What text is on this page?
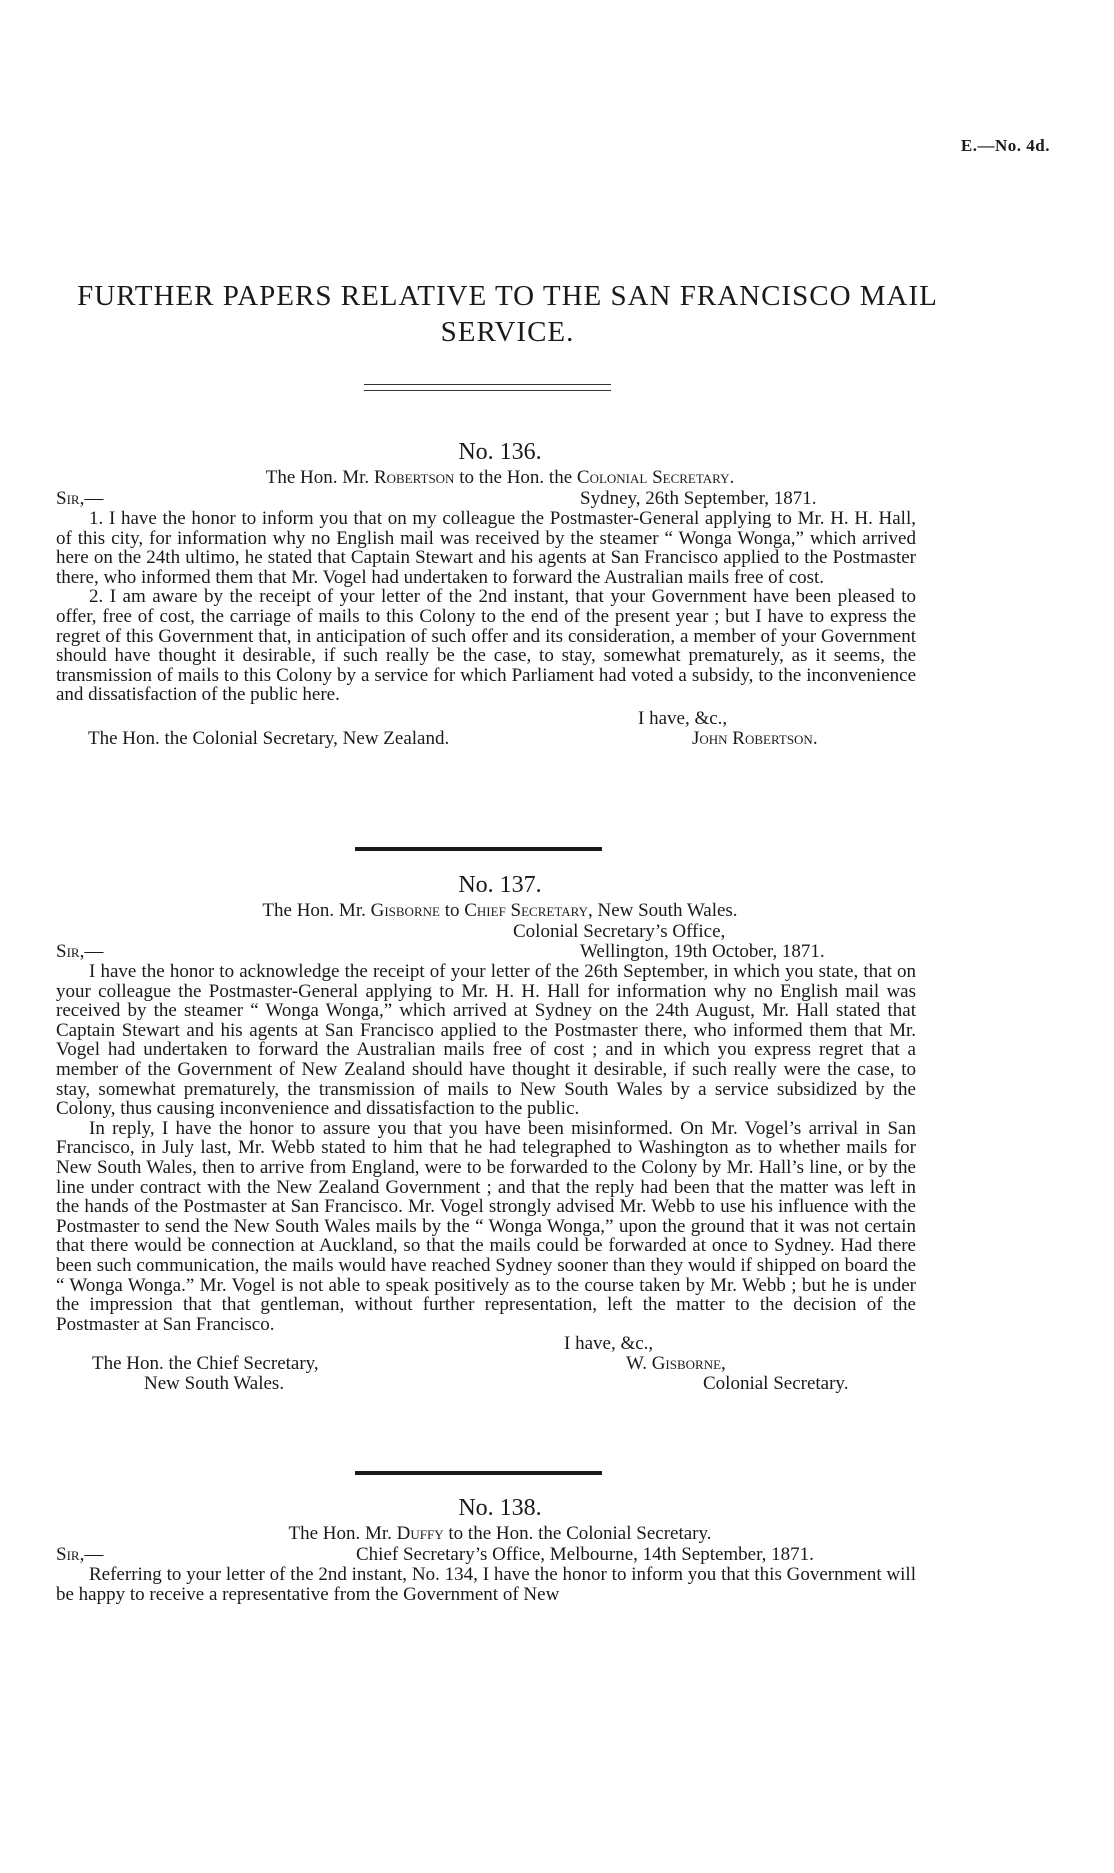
E.—No. 4d.
FURTHER PAPERS RELATIVE TO THE SAN FRANCISCO MAIL
SERVICE.
No. 136.
The Hon. Mr. Robertson to the Hon. the Colonial Secretary.
Sir,—	Sydney, 26th September, 1871.

1. I have the honor to inform you that on my colleague the Postmaster-General applying to Mr. H. H. Hall, of this city, for information why no English mail was received by the steamer “ Wonga Wonga,” which arrived here on the 24th ultimo, he stated that Captain Stewart and his agents at San Francisco applied to the Postmaster there, who informed them that Mr. Vogel had undertaken to forward the Australian mails free of cost.

2. I am aware by the receipt of your letter of the 2nd instant, that your Government have been pleased to offer, free of cost, the carriage of mails to this Colony to the end of the present year ; but I have to express the regret of this Government that, in anticipation of such offer and its consideration, a member of your Government should have thought it desirable, if such really be the case, to stay, somewhat prematurely, as it seems, the transmission of mails to this Colony by a service for which Parliament had voted a subsidy, to the inconvenience and dissatisfaction of the public here.

I have, &c.,
The Hon. the Colonial Secretary, New Zealand.	John Robertson.
No. 137.
The Hon. Mr. Gisborne to Chief Secretary, New South Wales.
Colonial Secretary’s Office,
Sir,—	Wellington, 19th October, 1871.

I have the honor to acknowledge the receipt of your letter of the 26th September, in which you state, that on your colleague the Postmaster-General applying to Mr. H. H. Hall for information why no English mail was received by the steamer “ Wonga Wonga,” which arrived at Sydney on the 24th August, Mr. Hall stated that Captain Stewart and his agents at San Francisco applied to the Postmaster there, who informed them that Mr. Vogel had undertaken to forward the Australian mails free of cost ; and in which you express regret that a member of the Government of New Zealand should have thought it desirable, if such really were the case, to stay, somewhat prematurely, the transmission of mails to New South Wales by a service subsidized by the Colony, thus causing inconvenience and dissatisfaction to the public.

In reply, I have the honor to assure you that you have been misinformed. On Mr. Vogel’s arrival in San Francisco, in July last, Mr. Webb stated to him that he had telegraphed to Washington as to whether mails for New South Wales, then to arrive from England, were to be forwarded to the Colony by Mr. Hall’s line, or by the line under contract with the New Zealand Government ; and that the reply had been that the matter was left in the hands of the Postmaster at San Francisco. Mr. Vogel strongly advised Mr. Webb to use his influence with the Postmaster to send the New South Wales mails by the “ Wonga Wonga,” upon the ground that it was not certain that there would be connection at Auckland, so that the mails could be forwarded at once to Sydney. Had there been such communication, the mails would have reached Sydney sooner than they would if shipped on board the “ Wonga Wonga.” Mr. Vogel is not able to speak positively as to the course taken by Mr. Webb ; but he is under the impression that that gentleman, without further representation, left the matter to the decision of the Postmaster at San Francisco.

I have, &c.,
The Hon. the Chief Secretary,	W. Gisborne,
New South Wales.	Colonial Secretary.
No. 138.
The Hon. Mr. Duffy to the Hon. the Colonial Secretary.
Sir,—	Chief Secretary’s Office, Melbourne, 14th September, 1871.

Referring to your letter of the 2nd instant, No. 134, I have the honor to inform you that this Government will be happy to receive a representative from the Government of New
